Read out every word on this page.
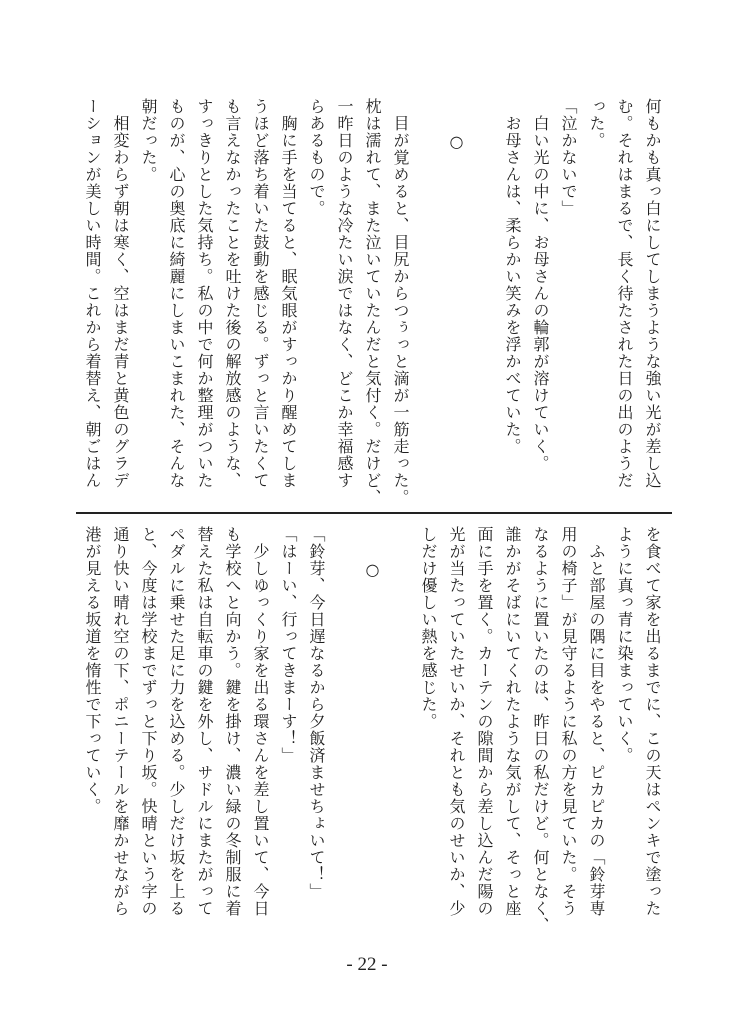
何もかも真っ白にしてしまうような強い光が差し込
む。それはまるで、長く待たされた日の出のようだ
った。
「泣かないで」
　白い光の中に、お母さんの輪郭が溶けていく。
　お母さんは、柔らかい笑みを浮かべていた。
　　○
　目が覚めると、目尻からつぅっと滴が一筋走った。
枕は濡れて、また泣いていたんだと気付く。だけど、
一昨日のような冷たい涙ではなく、どこか幸福感す
らあるもので。
　胸に手を当てると、眠気眼がすっかり醒めてしま
うほど落ち着いた鼓動を感じる。ずっと言いたくて
も言えなかったことを吐けた後の解放感のような、
すっきりとした気持ち。私の中で何か整理がついた
ものが、心の奥底に綺麗にしまいこまれた、そんな
朝だった。
　相変わらず朝は寒く、空はまだ青と黄色のグラデ
ーションが美しい時間。これから着替え、朝ごはん
を食べて家を出るまでに、この天はペンキで塗った
ように真っ青に染まっていく。
　ふと部屋の隅に目をやると、ピカピカの「鈴芽専
用の椅子」が見守るように私の方を見ていた。そう
なるように置いたのは、昨日の私だけど。何となく、
誰かがそばにいてくれたような気がして、そっと座
面に手を置く。カーテンの隙間から差し込んだ陽の
光が当たっていたせいか、それとも気のせいか、少
しだけ優しい熱を感じた。
　　○
「鈴芽、今日遅なるから夕飯済ませちょいて！」
「はーい、行ってきまーす！」
　少しゆっくり家を出る環さんを差し置いて、今日
も学校へと向かう。鍵を掛け、濃い緑の冬制服に着
替えた私は自転車の鍵を外し、サドルにまたがって
ペダルに乗せた足に力を込める。少しだけ坂を上る
と、今度は学校までずっと下り坂。快晴という字の
通り快い晴れ空の下、ポニーテールを靡かせながら
港が見える坂道を惰性で下っていく。
- 22 -
